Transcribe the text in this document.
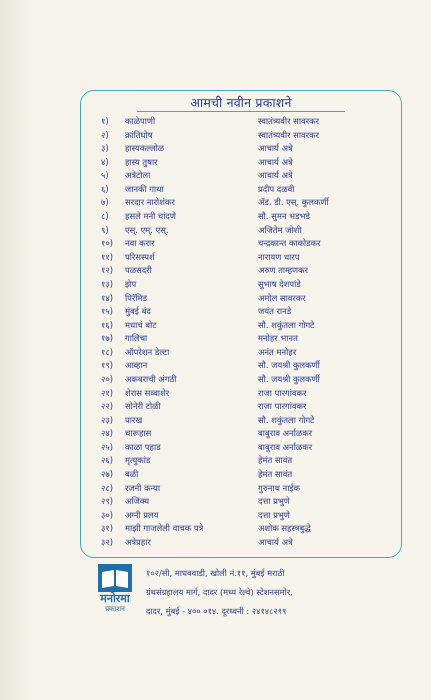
आमची नवीन प्रकाशने
१)	काळेपाणी	स्वातंत्र्यवीर सावरकर
२)	क्रांतिघोष	स्वातंत्र्यवीर सावरकर
३)	हास्यकल्लोळ	आचार्य अत्रे
४)	हास्य तुषार	आचार्य अत्रे
५)	अत्रेटोला	आचार्य अत्रे
६)	जानकी गाथा	प्रदीप दळवी
७)	सरदार नारोशंकर	ॲड. डी. एस्. कुलकर्णी
८)	हसले मनी चांदणे	सौ. सुमन भडभडे
९)	एस्. एम्. एस्.	अजितेम जोशी
१०)	नवा करार	चन्द्रकान्त काकोडकर
११)	परिसस्पर्श	नारायण धारप
१२)	पळसदरी	अरुण ताम्हणकर
१३)	झेप	सुभाष देशपांडे
१४)	पिरॅमिड	अमोल सावरकर
१५)	मुंबई बंद	जयंत रानडे
१६)	मधाचं बोट	सौ. शकुंतला गोगटे
१७)	गालिचा	मनोहर भानत
१८)	ऑपरेशन डेल्टा	अनंत मनोहर
१९)	आव्हान	सौ. जयश्री कुलकर्णी
२०)	अकबराची अंगठी	सौ. जयश्री कुलकर्णी
२१)	शेरास सव्वाशेर	राजा पारगांवकर
२२)	सोनेरी टोळी	राजा पारगांवकर
२३)	पारख	सौ. शकुंतला गोगटे
२४)	चारूहास	बाबुराव अर्नाळकर
२५)	काळा पहाड	बाबुराव अर्नाळकर
२६)	मृत्युकांड	हेमंत सावंत
२७)	बळी	हेमंत सावंत
२८)	रजनी कन्या	गुरुनाथ नाईक
२९)	अजिंक्य	दत्ता प्रभुणे
३०)	अग्नी प्रलय	दत्ता प्रभुणे
३१)	माझी गाजलेली वाचक पत्रे	अशोक सहस्त्रबुद्धे
३२)	अत्रेप्रहार	आचार्य अत्रे
मनोरमा
प्रकाशन
१०२/सी, माधववाडी, खोली नं.११, मुंबई मराठी
ग्रंथसंग्रहालय मार्ग, दादर (मध्य रेल्वे) स्टेशनसमोर,
दादर, मुंबई - ४०० ०१४. दूरध्वनी : २४१४८२९९
